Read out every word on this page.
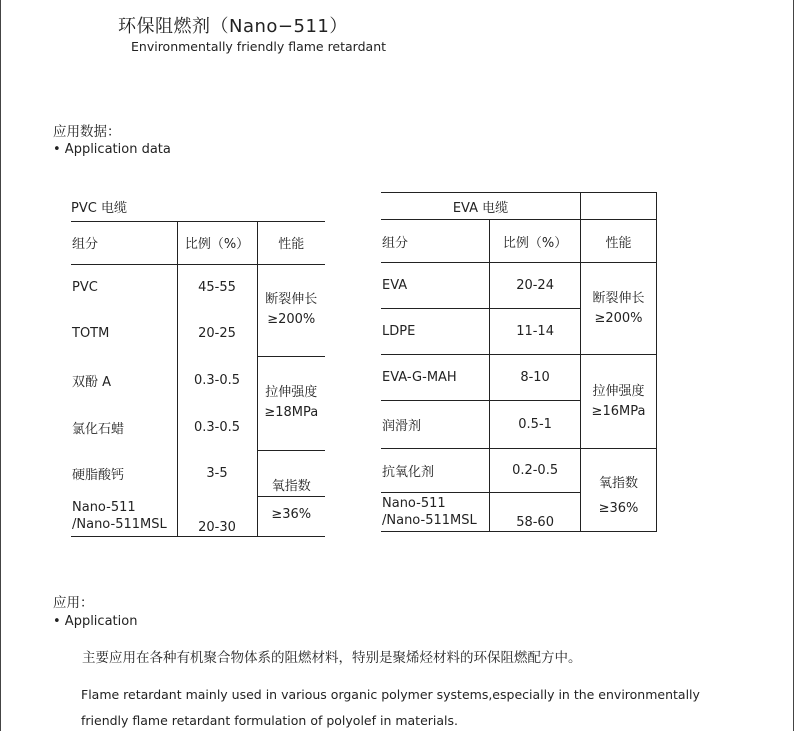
环保阻燃剂（Nano−511）
Environmentally friendly flame retardant
应用数据：
• Application data
PVC 电缆		
组分	比例（%）	性能
PVC	45-55	断裂伸长≥200%
TOTM	20-25	
双酚 A	0.3-0.5	拉伸强度≥18MPa
氯化石蜡	0.3-0.5	
硬脂酸钙	3-5	氧指数
Nano-511
/Nano-511MSL	20-30	≥36%
EVA 电缆		
组分	比例（%）	性能
EVA	20-24	断裂伸长≥200%
LDPE	11-14	
EVA-G-MAH	8-10	拉伸强度≥16MPa
润滑剂	0.5-1	
抗氧化剂	0.2-0.5	氧指数
Nano-511
/Nano-511MSL	58-60	≥36%
应用：
• Application
主要应用在各种有机聚合物体系的阻燃材料，特别是聚烯烃材料的环保阻燃配方中。
Flame retardant mainly used in various organic polymer systems,especially in the environmentally
friendly flame retardant formulation of polyolef in materials.
